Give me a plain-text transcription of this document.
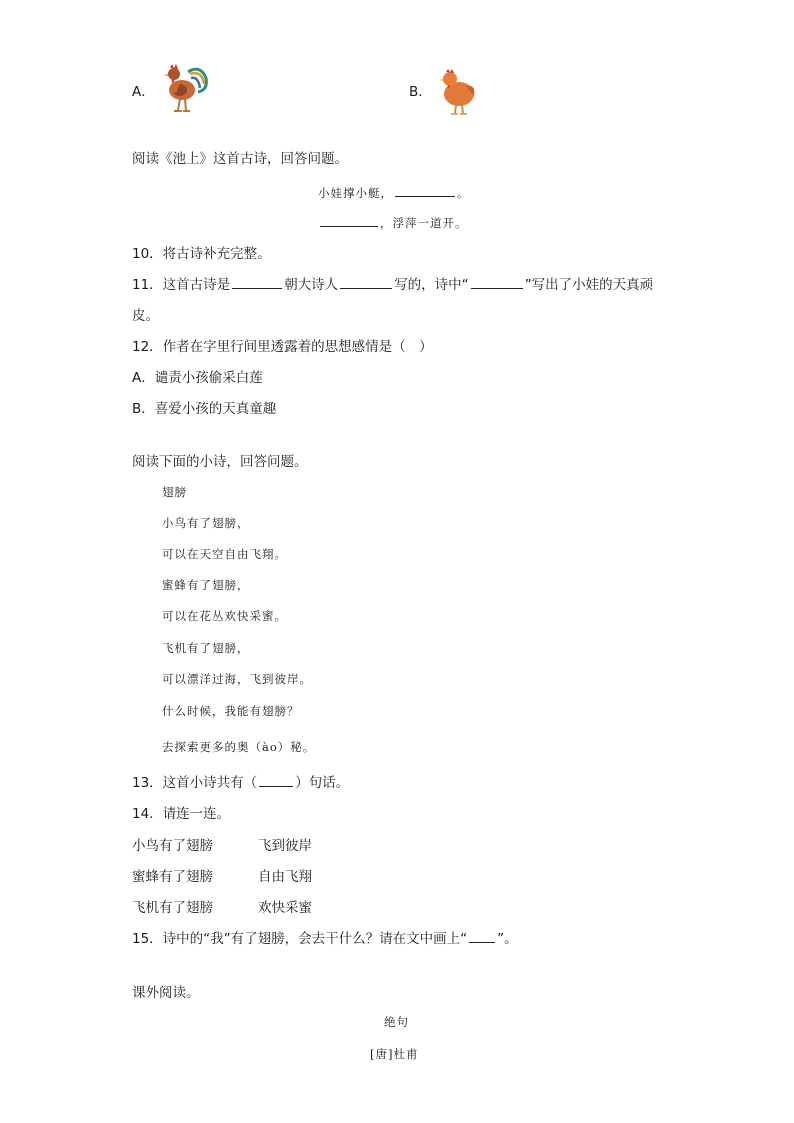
A．	B．
阅读《池上》这首古诗，回答问题。
小娃撑小艇，	。
，浮萍一道开。
10．将古诗补充完整。
11．这首古诗是	朝大诗人	写的，诗中“	”写出了小娃的天真顽
皮。
12．作者在字里行间里透露着的思想感情是（　）
A．谴责小孩偷采白莲
B．喜爱小孩的天真童趣
阅读下面的小诗，回答问题。
翅膀
小鸟有了翅膀，
可以在天空自由飞翔。
蜜蜂有了翅膀，
可以在花丛欢快采蜜。
飞机有了翅膀，
可以漂洋过海，飞到彼岸。
什么时候，我能有翅膀？
去探索更多的奥（ào）秘。
13．这首小诗共有（	）句话。
14．请连一连。
小鸟有了翅膀	飞到彼岸
蜜蜂有了翅膀	自由飞翔
飞机有了翅膀	欢快采蜜
15．诗中的“我”有了翅膀，会去干什么？请在文中画上“ ”。
课外阅读。
绝句
[唐]杜甫
